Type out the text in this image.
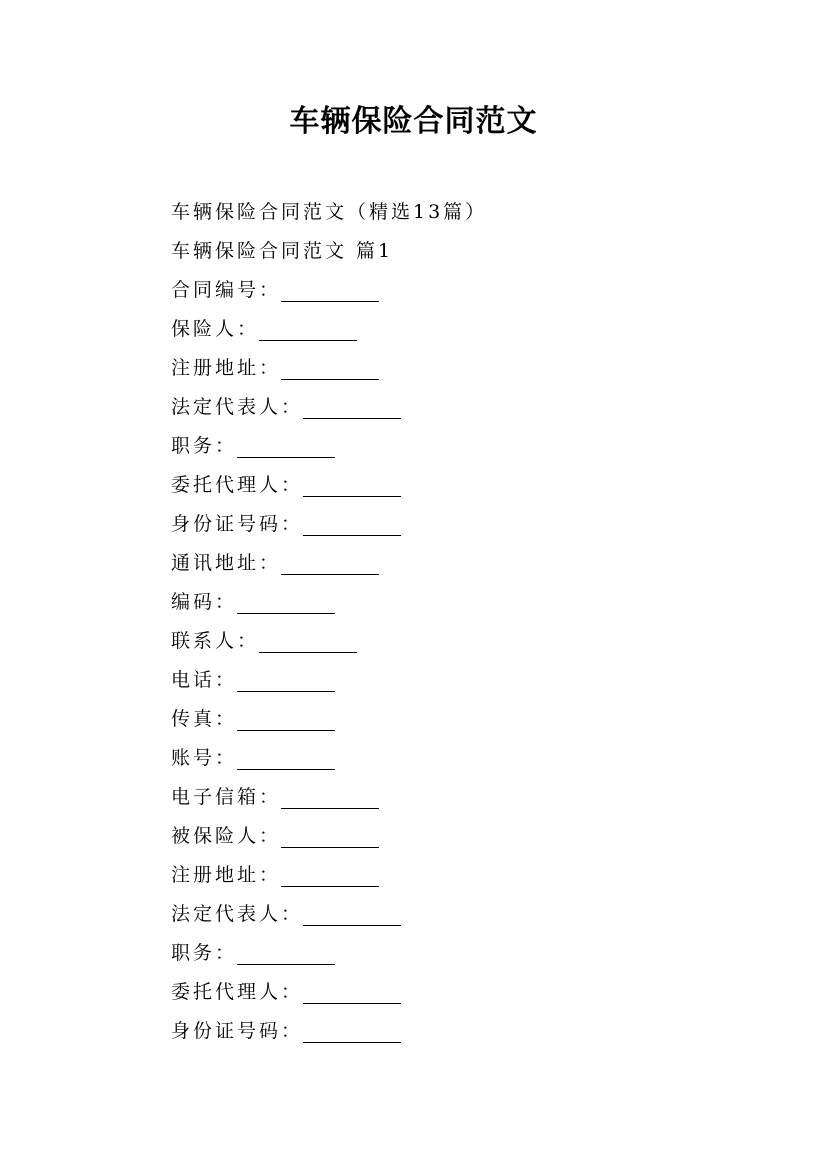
车辆保险合同范文
车辆保险合同范文（精选13篇）
车辆保险合同范文 篇1
合同编号：
保险人：
注册地址：
法定代表人：
职务：
委托代理人：
身份证号码：
通讯地址：
编码：
联系人：
电话：
传真：
账号：
电子信箱：
被保险人：
注册地址：
法定代表人：
职务：
委托代理人：
身份证号码：
